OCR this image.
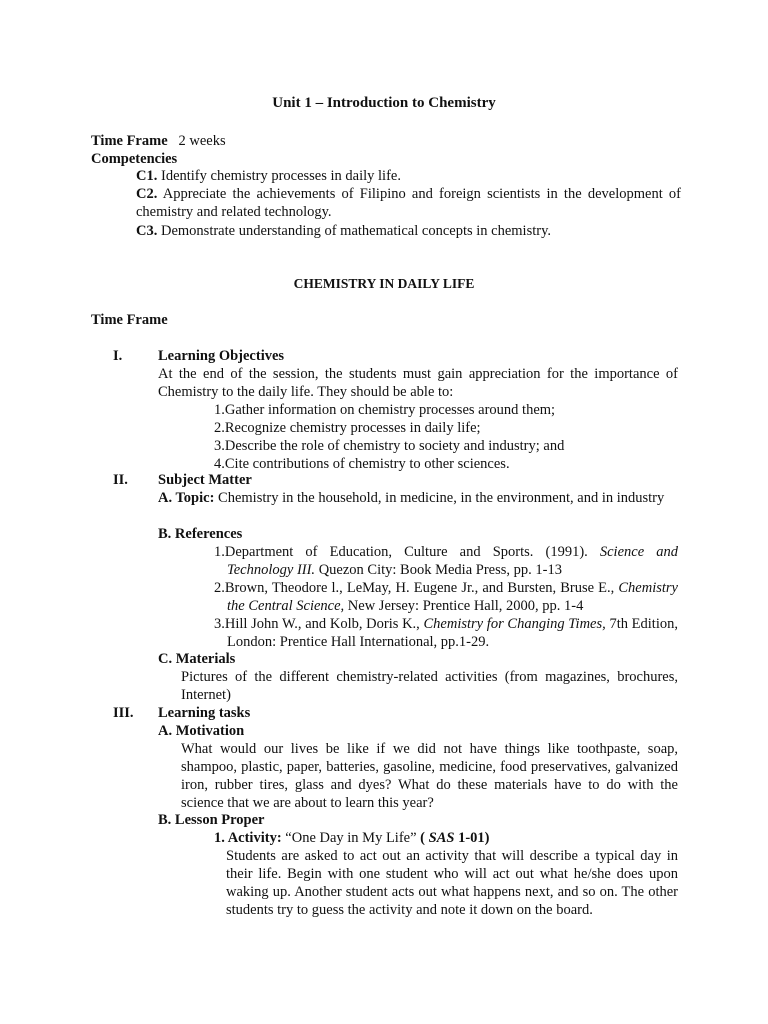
Unit 1 – Introduction to Chemistry
Time Frame 2 weeks
Competencies
C1. Identify chemistry processes in daily life.
C2. Appreciate the achievements of Filipino and foreign scientists in the development of chemistry and related technology.
C3. Demonstrate understanding of mathematical concepts in chemistry.
CHEMISTRY IN DAILY LIFE
Time Frame
I. Learning Objectives
At the end of the session, the students must gain appreciation for the importance of Chemistry to the daily life. They should be able to:
1.Gather information on chemistry processes around them;
2.Recognize chemistry processes in daily life;
3.Describe the role of chemistry to society and industry; and
4.Cite contributions of chemistry to other sciences.
II. Subject Matter
A. Topic: Chemistry in the household, in medicine, in the environment, and in industry
B. References
1.Department of Education, Culture and Sports. (1991). Science and Technology III. Quezon City: Book Media Press, pp. 1-13
2.Brown, Theodore l., LeMay, H. Eugene Jr., and Bursten, Bruse E., Chemistry the Central Science, New Jersey: Prentice Hall, 2000, pp. 1-4
3.Hill John W., and Kolb, Doris K., Chemistry for Changing Times, 7th Edition, London: Prentice Hall International, pp.1-29.
C. Materials
Pictures of the different chemistry-related activities (from magazines, brochures, Internet)
III. Learning tasks
A. Motivation
What would our lives be like if we did not have things like toothpaste, soap, shampoo, plastic, paper, batteries, gasoline, medicine, food preservatives, galvanized iron, rubber tires, glass and dyes? What do these materials have to do with the science that we are about to learn this year?
B. Lesson Proper
1. Activity: “One Day in My Life” ( SAS 1-01)
Students are asked to act out an activity that will describe a typical day in their life. Begin with one student who will act out what he/she does upon waking up. Another student acts out what happens next, and so on. The other students try to guess the activity and note it down on the board.
